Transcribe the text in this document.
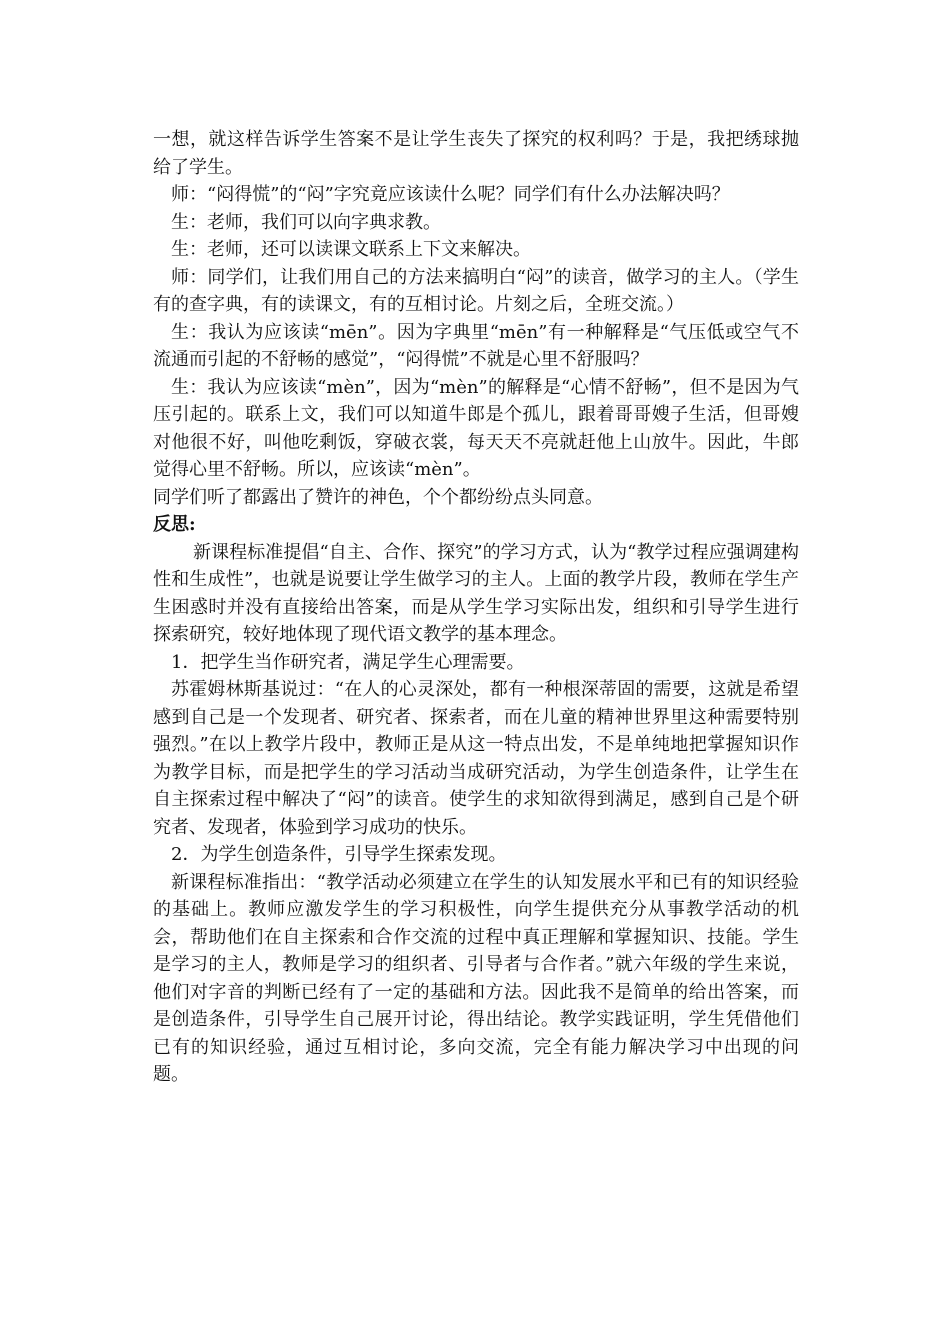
一想，就这样告诉学生答案不是让学生丧失了探究的权利吗？于是，我把绣球抛给了学生。

师：“闷得慌”的“闷”字究竟应该读什么呢？同学们有什么办法解决吗？

生：老师，我们可以向字典求教。

生：老师，还可以读课文联系上下文来解决。

师：同学们，让我们用自己的方法来搞明白“闷”的读音，做学习的主人。（学生有的查字典，有的读课文，有的互相讨论。片刻之后，全班交流。）

生：我认为应该读“mēn”。因为字典里“mēn”有一种解释是“气压低或空气不流通而引起的不舒畅的感觉”，“闷得慌”不就是心里不舒服吗？

生：我认为应该读“mèn”，因为“mèn”的解释是“心情不舒畅”，但不是因为气压引起的。联系上文，我们可以知道牛郎是个孤儿，跟着哥哥嫂子生活，但哥嫂对他很不好，叫他吃剩饭，穿破衣裳，每天天不亮就赶他上山放牛。因此，牛郎觉得心里不舒畅。所以，应该读“mèn”。

同学们听了都露出了赞许的神色，个个都纷纷点头同意。

反思:

新课程标准提倡“自主、合作、探究”的学习方式，认为“教学过程应强调建构性和生成性”，也就是说要让学生做学习的主人。上面的教学片段，教师在学生产生困惑时并没有直接给出答案，而是从学生学习实际出发，组织和引导学生进行探索研究，较好地体现了现代语文教学的基本理念。

1．把学生当作研究者，满足学生心理需要。

苏霍姆林斯基说过：“在人的心灵深处，都有一种根深蒂固的需要，这就是希望感到自己是一个发现者、研究者、探索者，而在儿童的精神世界里这种需要特别强烈。”在以上教学片段中，教师正是从这一特点出发，不是单纯地把掌握知识作为教学目标，而是把学生的学习活动当成研究活动，为学生创造条件，让学生在自主探索过程中解决了“闷”的读音。使学生的求知欲得到满足，感到自己是个研究者、发现者，体验到学习成功的快乐。

2．为学生创造条件，引导学生探索发现。

新课程标准指出：“教学活动必须建立在学生的认知发展水平和已有的知识经验的基础上。教师应激发学生的学习积极性，向学生提供充分从事教学活动的机会，帮助他们在自主探索和合作交流的过程中真正理解和掌握知识、技能。学生是学习的主人，教师是学习的组织者、引导者与合作者。”就六年级的学生来说，他们对字音的判断已经有了一定的基础和方法。因此我不是简单的给出答案，而是创造条件，引导学生自己展开讨论，得出结论。教学实践证明，学生凭借他们已有的知识经验，通过互相讨论，多向交流，完全有能力解决学习中出现的问题。
